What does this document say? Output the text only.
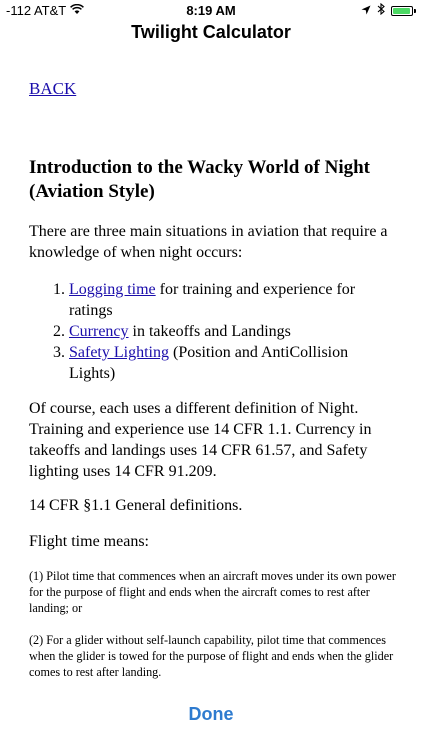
-112 AT&T	8:19 AM
Twilight Calculator
BACK
Introduction to the Wacky World of Night (Aviation Style)

There are three main situations in aviation that require a knowledge of when night occurs:

1. Logging time for training and experience for ratings
2. Currency in takeoffs and Landings
3. Safety Lighting (Position and AntiCollision Lights)

Of course, each uses a different definition of Night. Training and experience use 14 CFR 1.1. Currency in takeoffs and landings uses 14 CFR 61.57, and Safety lighting uses 14 CFR 91.209.

14 CFR §1.1 General definitions.

Flight time means:

(1) Pilot time that commences when an aircraft moves under its own power for the purpose of flight and ends when the aircraft comes to rest after landing; or

(2) For a glider without self-launch capability, pilot time that commences when the glider is towed for the purpose of flight and ends when the glider comes to rest after landing.

Done
